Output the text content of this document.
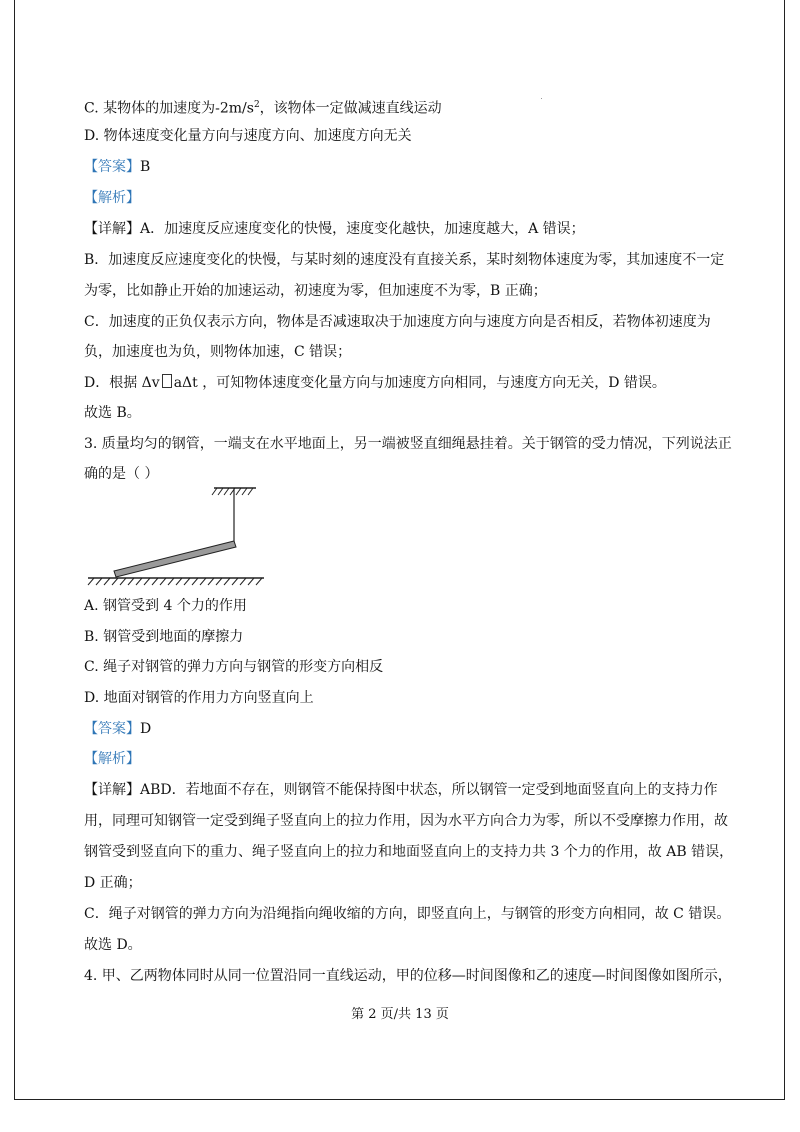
C. 某物体的加速度为$-2m/s^2$，该物体一定做减速直线运动
D. 物体速度变化量方向与速度方向、加速度方向无关
【答案】B
【解析】
【详解】A．加速度反应速度变化的快慢，速度变化越快，加速度越大，A 错误；
B．加速度反应速度变化的快慢，与某时刻的速度没有直接关系，某时刻物体速度为零，其加速度不一定
为零，比如静止开始的加速运动，初速度为零，但加速度不为零，B 正确；
C．加速度的正负仅表示方向，物体是否减速取决于加速度方向与速度方向是否相反，若物体初速度为
负，加速度也为负，则物体加速，C 错误；
D．根据 Δv aΔt ，可知物体速度变化量方向与加速度方向相同，与速度方向无关，D 错误。
故选 B。
3. 质量均匀的钢管，一端支在水平地面上，另一端被竖直细绳悬挂着。关于钢管的受力情况，下列说法正
确的是（ ）
A. 钢管受到 4 个力的作用
B. 钢管受到地面的摩擦力
C. 绳子对钢管的弹力方向与钢管的形变方向相反
D. 地面对钢管的作用力方向竖直向上
【答案】D
【解析】
【详解】ABD．若地面不存在，则钢管不能保持图中状态，所以钢管一定受到地面竖直向上的支持力作
用，同理可知钢管一定受到绳子竖直向上的拉力作用，因为水平方向合力为零，所以不受摩擦力作用，故
钢管受到竖直向下的重力、绳子竖直向上的拉力和地面竖直向上的支持力共 3 个力的作用，故 AB 错误，
D 正确；
C．绳子对钢管的弹力方向为沿绳指向绳收缩的方向，即竖直向上，与钢管的形变方向相同，故 C 错误。
故选 D。
4. 甲、乙两物体同时从同一位置沿同一直线运动，甲的位移—时间图像和乙的速度—时间图像如图所示，
第 2 页/共 13 页
